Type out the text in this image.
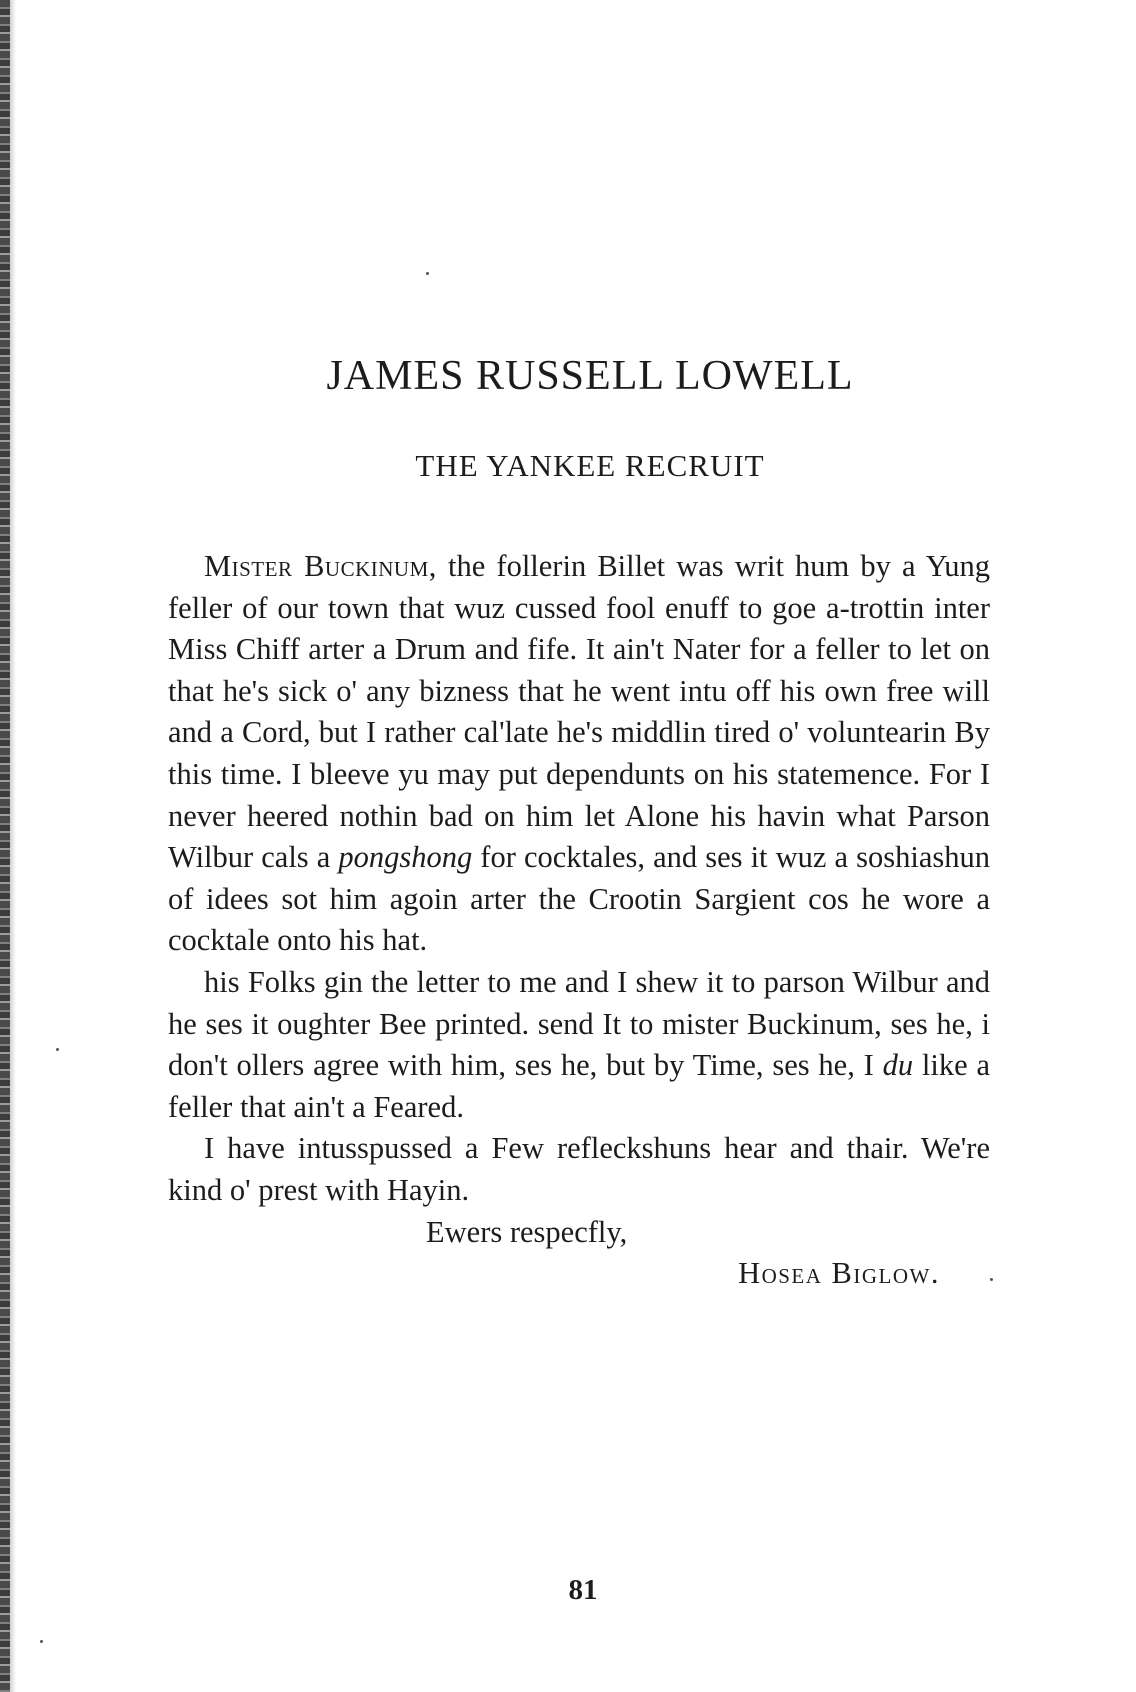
JAMES RUSSELL LOWELL
THE YANKEE RECRUIT

Mister Buckinum, the follerin Billet was writ hum by a Yung feller of our town that wuz cussed fool enuff to goe a-trottin inter Miss Chiff arter a Drum and fife. It ain't Nater for a feller to let on that he's sick o' any bizness that he went intu off his own free will and a Cord, but I rather cal'late he's middlin tired o' voluntearin By this time. I bleeve yu may put dependunts on his statemence. For I never heered nothin bad on him let Alone his havin what Parson Wilbur cals a pongshong for cocktales, and ses it wuz a soshiashun of idees sot him agoin arter the Crootin Sargient cos he wore a cocktale onto his hat.

his Folks gin the letter to me and I shew it to parson Wilbur and he ses it oughter Bee printed. send It to mister Buckinum, ses he, i don't ollers agree with him, ses he, but by Time, ses he, I du like a feller that ain't a Feared.

I have intusspussed a Few refleckshuns hear and thair. We're kind o' prest with Hayin.

Ewers respecfly,

Hosea Biglow.

81
